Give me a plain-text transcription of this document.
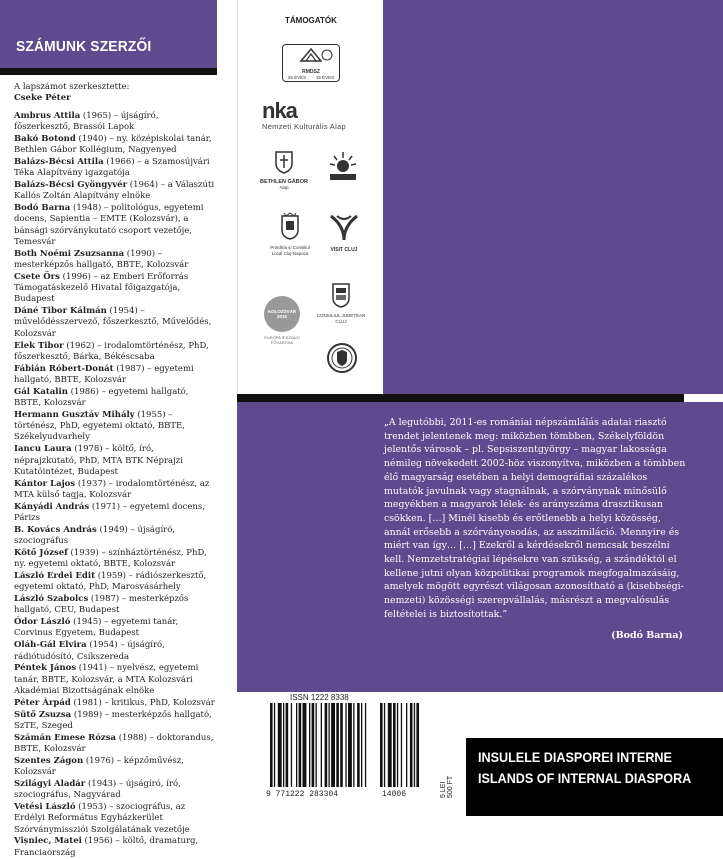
SZÁMUNK SZERZŐI

A lapszámot szerkesztette:

Cseke Péter

Ambrus Attila (1965) – újságíró, főszerkesztő, Brassói Lapok
Bakó Botond (1940) – ny. középiskolai tanár, Bethlen Gábor Kollégium, Nagyenyed
Balázs-Bécsi Attila (1966) – a Szamosújvári Téka Alapítvány igazgatója
Balázs-Bécsi Gyöngyvér (1964) – a Válaszúti Kallós Zoltán Alapítvány elnöke
Bodó Barna (1948) – politológus, egyetemi docens, Sapientia – EMTE (Kolozsvár), a bánsági szórványkutató csoport vezetője, Temesvár
Both Noémi Zsuzsanna (1990) – mesterképzős hallgató, BBTE, Kolozsvár
Csete Örs (1996) – az Emberi Erőforrás Támogatáskezelő Hivatal főigazgatója, Budapest
Dáné Tibor Kálmán (1954) – művelődésszervező, főszerkesztő, Művelődés, Kolozsvár
Elek Tibor (1962) – irodalomtörténész, PhD, főszerkesztő, Bárka, Békéscsaba
Fábián Róbert-Donát (1987) – egyetemi hallgató, BBTE, Kolozsvár
Gál Katalin (1986) – egyetemi hallgató, BBTE, Kolozsvár
Hermann Gusztáv Mihály (1955) – történész, PhD, egyetemi oktató, BBTE, Székelyudvarhely
Iancu Laura (1978) – költő, író, néprajzkutató, PhD, MTA BTK Néprajzi Kutatóintézet, Budapest
Kántor Lajos (1937) – irodalomtörténész, az MTA külső tagja, Kolozsvár
Kányádi András (1971) – egyetemi docens, Párizs
B. Kovács András (1949) – újságíró, szociográfus
Kötő József (1939) – színháztörténész, PhD, ny. egyetemi oktató, BBTE, Kolozsvár
László Erdei Edit (1959) – rádiószerkesztő, egyetemi oktató, PhD, Marosvásárhely
László Szabolcs (1987) – mesterképzős hallgató, CEU, Budapest
Ódor László (1945) – egyetemi tanár, Corvinus Egyetem, Budapest
Oláh-Gál Elvira (1954) – újságíró, rádiótudósító, Csíkszereda
Péntek János (1941) – nyelvész, egyetemi tanár, BBTE, Kolozsvár, a MTA Kolozsvári Akadémiai Bizottságának elnöke
Péter Árpád (1981) – kritikus, PhD, Kolozsvár
Sütő Zsuzsa (1989) – mesterképzős hallgató, SzTE, Szeged
Számán Emese Rózsa (1988) – doktorandus, BBTE, Kolozsvár
Szentes Zágon (1976) – képzőművész, Kolozsvár
Szilágyi Aladár (1943) – újságíró, író, szociográfus, Nagyvárad
Vetési László (1953) – szociográfus, az Erdélyi Református Egyházkerület Szórványmissziói Szolgálatának vezetője
Vișniec, Matei (1956) – költő, dramaturg, Franciaország
TÁMOGATÓK
RMDSZ
25 ÉVES 15 ÉVES
nka
Nemzeti Kulturális Alap
BETHLEN GÁBOR
Alap
Primăria și Consiliul Local Cluj-Napoca	VISIT CLUJ
KOLOZSVÁR 2015
EURÓPA IFJÚSÁGI FŐVÁROSA
CONSILIUL JUDEȚEAN CLUJ
„A legutóbbi, 2011-es romániai népszámlálás adatai riasztó trendet jelentenek meg: miközben tömbben, Székelyföldön jelentős városok – pl. Sepsiszentgyörgy – magyar lakossága némileg növekedett 2002-höz viszonyítva, miközben a tömbben élő magyarság esetében a helyi demográfiai százalékos mutatók javulnak vagy stagnálnak, a szórványnak minősülő megyékben a magyarok lélek- és arányszáma drasztikusan csökken. […] Minél kisebb és erőtlenebb a helyi közösség, annál erősebb a szórványosodás, az asszimiláció. Mennyire és miért van így… […] Ezekről a kérdésekről nemcsak beszélni kell. Nemzetstratégiai lépésekre van szükség, a szándéktól el kellene jutni olyan közpolitikai programok megfogalmazásáig, amelyek mögött egyrészt világosan azonosítható a (kisebbségi-nemzeti) közösségi szerepvállalás, másrészt a megvalósulás feltételei is biztosítottak.”
(Bodó Barna)
ISSN 1222 8338
9 771222 283304	14006	5 LEI
500 FT
INSULELE DIASPOREI INTERNE
ISLANDS OF INTERNAL DIASPORA
